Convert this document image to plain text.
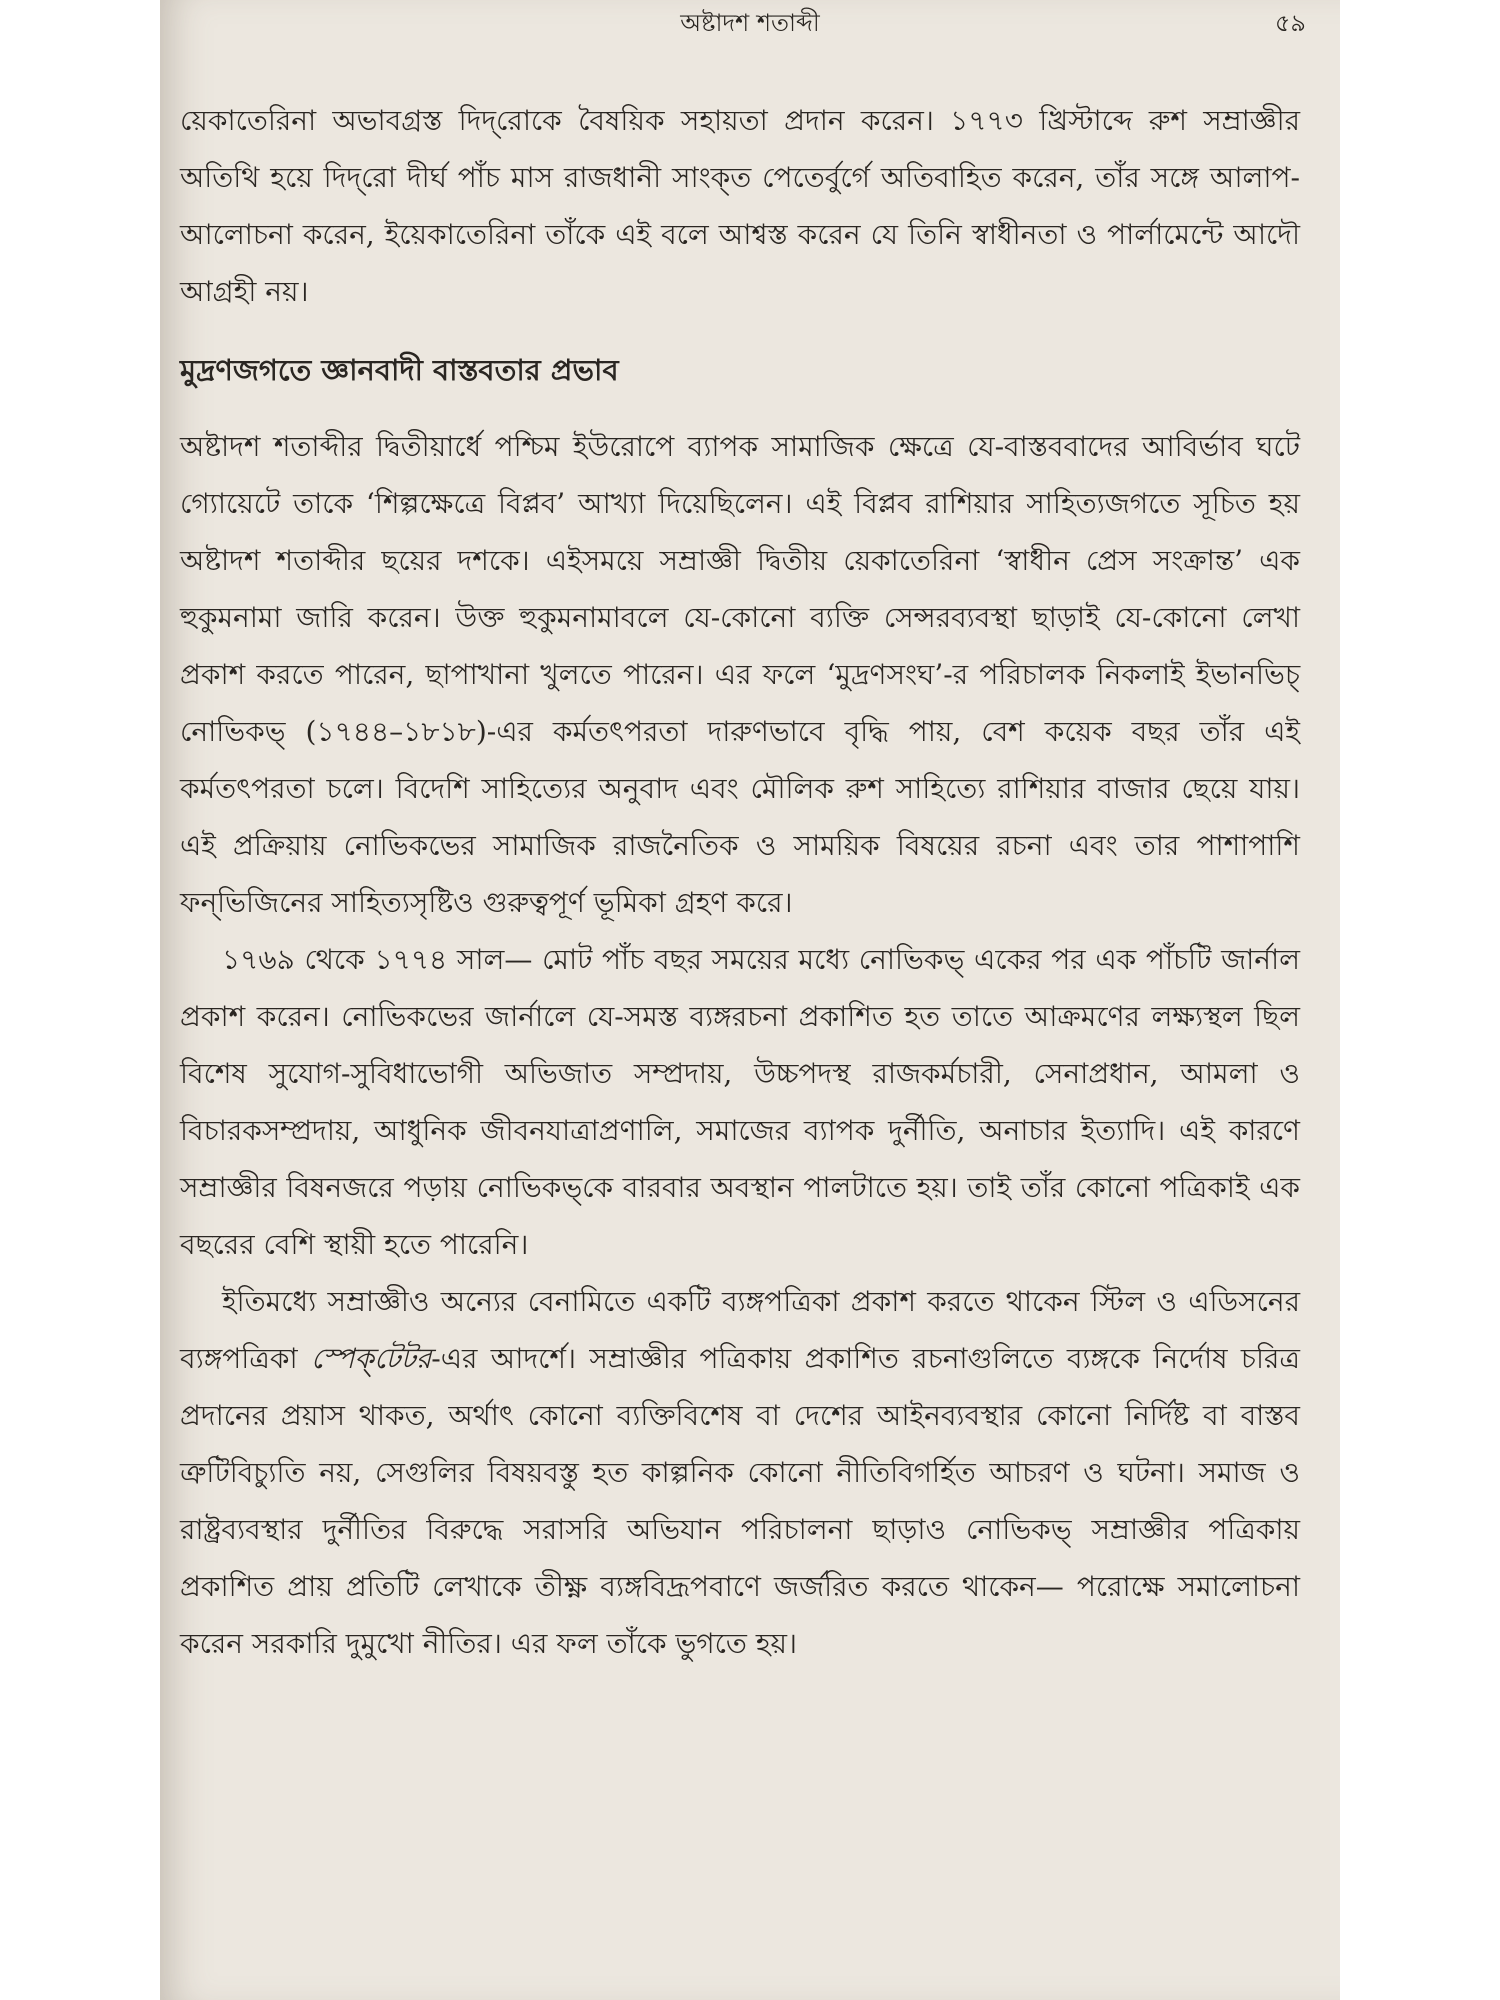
অষ্টাদশ শতাব্দী	৫৯

য়েকাতেরিনা অভাবগ্রস্ত দিদ্‌রোকে বৈষয়িক সহায়তা প্রদান করেন। ১৭৭৩ খ্রিস্টাব্দে রুশ সম্রাজ্ঞীর অতিথি হয়ে দিদ্‌রো দীর্ঘ পাঁচ মাস রাজধানী সাংক্‌ত পেতের্বুর্গে অতিবাহিত করেন, তাঁর সঙ্গে আলাপ-আলোচনা করেন, ইয়েকাতেরিনা তাঁকে এই বলে আশ্বস্ত করেন যে তিনি স্বাধীনতা ও পার্লামেন্টে আদৌ আগ্রহী নয়।

মুদ্রণজগতে জ্ঞানবাদী বাস্তবতার প্রভাব

অষ্টাদশ শতাব্দীর দ্বিতীয়ার্ধে পশ্চিম ইউরোপে ব্যাপক সামাজিক ক্ষেত্রে যে-বাস্তববাদের আবির্ভাব ঘটে গ্যোয়েটে তাকে ‘শিল্পক্ষেত্রে বিপ্লব’ আখ্যা দিয়েছিলেন। এই বিপ্লব রাশিয়ার সাহিত্যজগতে সূচিত হয় অষ্টাদশ শতাব্দীর ছয়ের দশকে। এইসময়ে সম্রাজ্ঞী দ্বিতীয় য়েকাতেরিনা ‘স্বাধীন প্রেস সংক্রান্ত’ এক হুকুমনামা জারি করেন। উক্ত হুকুমনামাবলে যে-কোনো ব্যক্তি সেন্সরব্যবস্থা ছাড়াই যে-কোনো লেখা প্রকাশ করতে পারেন, ছাপাখানা খুলতে পারেন। এর ফলে ‘মুদ্রণসংঘ’-র পরিচালক নিকলাই ইভানভিচ্‌ নোভিকভ্‌ (১৭৪৪–১৮১৮)-এর কর্মতৎপরতা দারুণভাবে বৃদ্ধি পায়, বেশ কয়েক বছর তাঁর এই কর্মতৎপরতা চলে। বিদেশি সাহিত্যের অনুবাদ এবং মৌলিক রুশ সাহিত্যে রাশিয়ার বাজার ছেয়ে যায়। এই প্রক্রিয়ায় নোভিকভের সামাজিক রাজনৈতিক ও সাময়িক বিষয়ের রচনা এবং তার পাশাপাশি ফন্‌ভিজিনের সাহিত্যসৃষ্টিও গুরুত্বপূর্ণ ভূমিকা গ্রহণ করে।

১৭৬৯ থেকে ১৭৭৪ সাল— মোট পাঁচ বছর সময়ের মধ্যে নোভিকভ্‌ একের পর এক পাঁচটি জার্নাল প্রকাশ করেন। নোভিকভের জার্নালে যে-সমস্ত ব্যঙ্গরচনা প্রকাশিত হত তাতে আক্রমণের লক্ষ্যস্থল ছিল বিশেষ সুযোগ-সুবিধাভোগী অভিজাত সম্প্রদায়, উচ্চপদস্থ রাজকর্মচারী, সেনাপ্রধান, আমলা ও বিচারকসম্প্রদায়, আধুনিক জীবনযাত্রাপ্রণালি, সমাজের ব্যাপক দুর্নীতি, অনাচার ইত্যাদি। এই কারণে সম্রাজ্ঞীর বিষনজরে পড়ায় নোভিকভ্‌কে বারবার অবস্থান পালটাতে হয়। তাই তাঁর কোনো পত্রিকাই এক বছরের বেশি স্থায়ী হতে পারেনি।

ইতিমধ্যে সম্রাজ্ঞীও অন্যের বেনামিতে একটি ব্যঙ্গপত্রিকা প্রকাশ করতে থাকেন স্টিল ও এডিসনের ব্যঙ্গপত্রিকা স্পেক্‌টেটর-এর আদর্শে। সম্রাজ্ঞীর পত্রিকায় প্রকাশিত রচনাগুলিতে ব্যঙ্গকে নির্দোষ চরিত্র প্রদানের প্রয়াস থাকত, অর্থাৎ কোনো ব্যক্তিবিশেষ বা দেশের আইনব্যবস্থার কোনো নির্দিষ্ট বা বাস্তব ত্রুটিবিচ্যুতি নয়, সেগুলির বিষয়বস্তু হত কাল্পনিক কোনো নীতিবিগর্হিত আচরণ ও ঘটনা। সমাজ ও রাষ্ট্রব্যবস্থার দুর্নীতির বিরুদ্ধে সরাসরি অভিযান পরিচালনা ছাড়াও নোভিকভ্‌ সম্রাজ্ঞীর পত্রিকায় প্রকাশিত প্রায় প্রতিটি লেখাকে তীক্ষ্ণ ব্যঙ্গবিদ্রূপবাণে জর্জরিত করতে থাকেন— পরোক্ষে সমালোচনা করেন সরকারি দুমুখো নীতির। এর ফল তাঁকে ভুগতে হয়।
